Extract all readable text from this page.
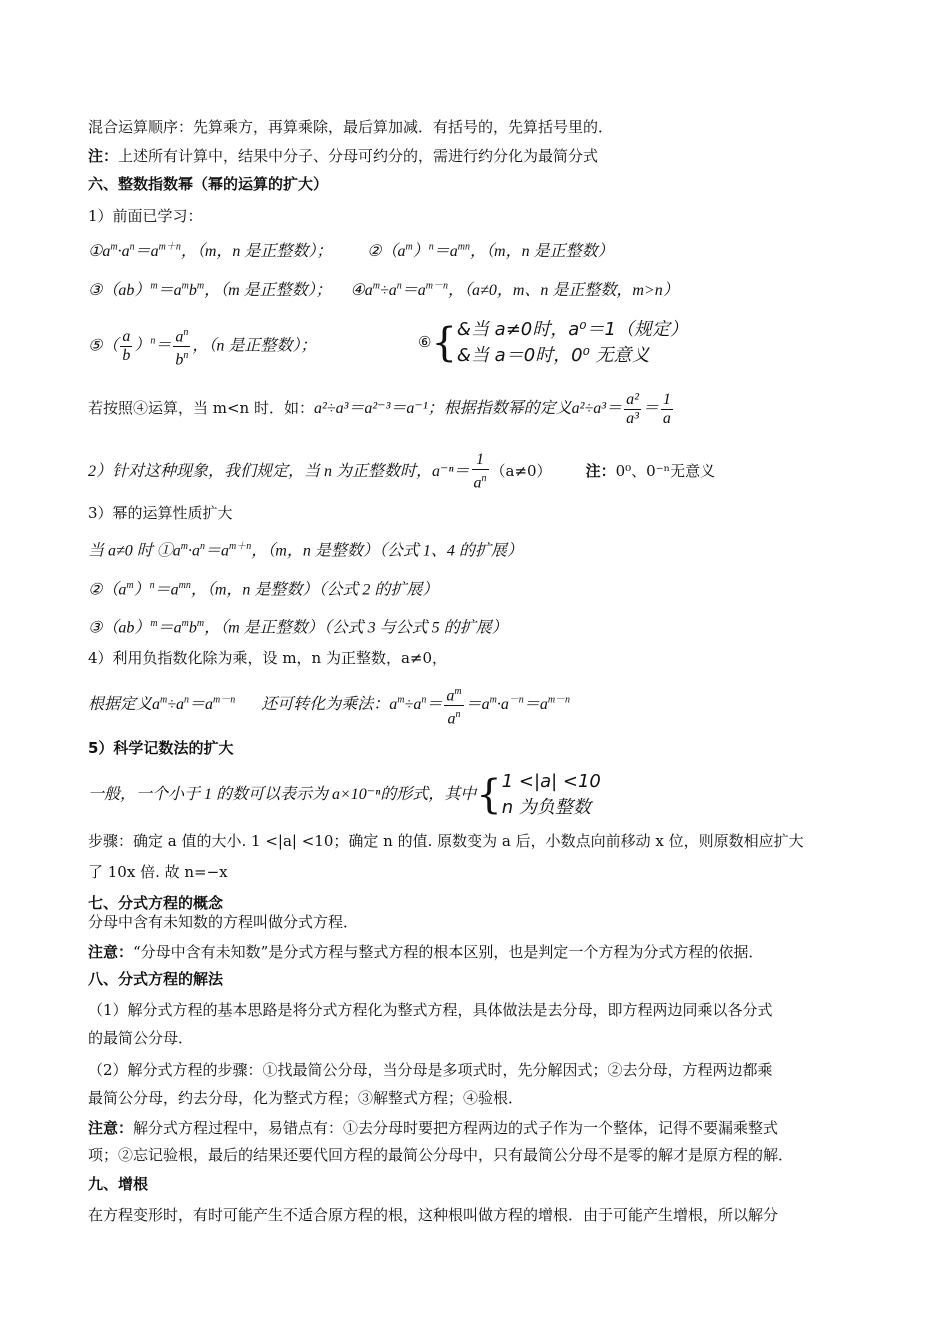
混合运算顺序：先算乘方，再算乘除，最后算加减．有括号的，先算括号里的．
注：上述所有计算中，结果中分子、分母可约分的，需进行约分化为最简分式
六、整数指数幂（幂的运算的扩大）
1）前面已学习：
$①a^m\cdot a^n=a^{m+n}$，（m，n 是正整数）； $②(a^m)^n=a^{mn}$，（m，n 是正整数）
$③(ab)^m=a^mb^m$，（m 是正整数）； $④a^m\div a^n=a^{m-n}$，（a≠0，m、n 是正整数，m>n）
⑤（ $\frac{a}{b} )^n= \frac{a^n}{b^n}$ ，（n 是正整数）；	⑥{ &当 a≠0时，a⁰＝1（规定）
&当 a＝0时，0⁰ 无意义
若按照④运算，当 m<n 时．如：a²÷a³＝a²⁻³＝a⁻¹；根据指数幂的定义$a^2\div a^3= \frac{\text{a²}}{\text{a³}} = \frac{1}{a}$
2）针对这种现象，我们规定，当 n 为正整数时，$a^{-n}= \frac{1}{a^n} (a\ne 0)$ 注：0⁰、0⁻ⁿ无意义
3）幂的运算性质扩大
当 a≠0 时 $①a^m\cdot a^n=a^{m+n}$，（m，n 是整数）（公式 1、4 的扩展）
$②(a^m)^n=a^{mn}$，（m，n 是整数）（公式 2 的扩展）
$③(ab)^m=a^mb^m$，（m 是正整数）（公式 3 与公式 5 的扩展）
4）利用负指数化除为乘，设 m，n 为正整数，a≠0，
根据定义$a^m\div a^n=a^{m-n}$ 还可转化为乘法：$a^m\div a^n= \frac{a^m}{a^n} =a^m\cdot a^{-n}=a^{m-n}$
5）科学记数法的扩大
一般，一个小于 1 的数可以表示为 a×10⁻ⁿ的形式，其中{ 1 <|a| <10
n 为负整数
步骤：确定 a 值的大小. 1 <|a| <10；确定 n 的值. 原数变为 a 后，小数点向前移动 x 位，则原数相应扩大
了 10x 倍. 故 n=−x
七、分式方程的概念
分母中含有未知数的方程叫做分式方程．
注意：“分母中含有未知数”是分式方程与整式方程的根本区别，也是判定一个方程为分式方程的依据．
八、分式方程的解法
（1）解分式方程的基本思路是将分式方程化为整式方程，具体做法是去分母，即方程两边同乘以各分式
的最简公分母．
（2）解分式方程的步骤：①找最简公分母，当分母是多项式时，先分解因式；②去分母，方程两边都乘
最简公分母，约去分母，化为整式方程；③解整式方程；④验根．
注意：解分式方程过程中，易错点有：①去分母时要把方程两边的式子作为一个整体，记得不要漏乘整式
项；②忘记验根，最后的结果还要代回方程的最简公分母中，只有最简公分母不是零的解才是原方程的解．
九、增根
在方程变形时，有时可能产生不适合原方程的根，这种根叫做方程的增根．由于可能产生增根，所以解分
